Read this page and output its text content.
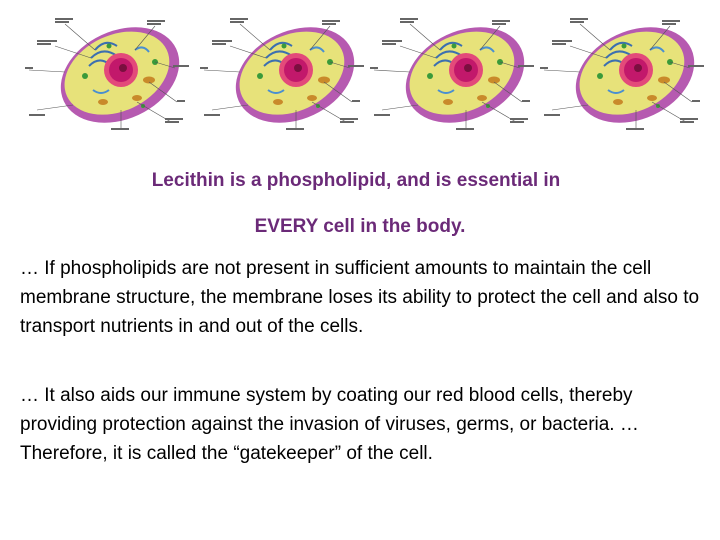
Lecithin is a phospholipid, and is essential in

EVERY cell in the body.

… If phospholipids are not present in sufficient amounts to maintain the cell membrane structure, the membrane loses its ability to protect the cell and also to transport nutrients in and out of the cells.

… It also aids our immune system by coating our red blood cells, thereby providing protection against the invasion of viruses, germs, or bacteria. … Therefore, it is called the “gatekeeper” of the cell.
